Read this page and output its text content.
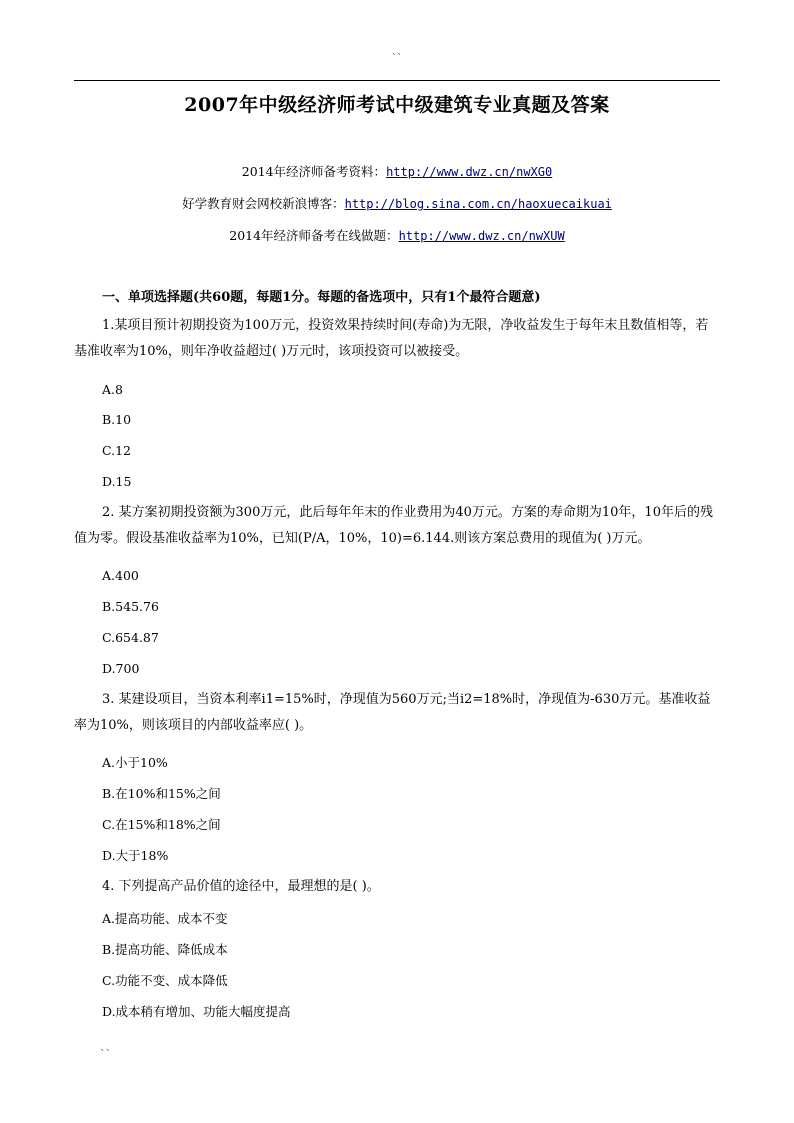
``
2007年中级经济师考试中级建筑专业真题及答案
2014年经济师备考资料：http://www.dwz.cn/nwXG0
好学教育财会网校新浪博客：http://blog.sina.com.cn/haoxuecaikuai
2014年经济师备考在线做题：http://www.dwz.cn/nwXUW
一、单项选择题(共60题，每题1分。每题的备选项中，只有1个最符合题意)
1.某项目预计初期投资为100万元，投资效果持续时间(寿命)为无限，净收益发生于每年末且数值相等，若基准收率为10%，则年净收益超过( )万元时，该项投资可以被接受。
A.8
B.10
C.12
D.15
2. 某方案初期投资额为300万元，此后每年年末的作业费用为40万元。方案的寿命期为10年，10年后的残值为零。假设基准收益率为10%，已知(P/A，10%，10)=6.144.则该方案总费用的现值为( )万元。
A.400
B.545.76
C.654.87
D.700
3. 某建设项目，当资本利率i1=15%时，净现值为560万元;当i2=18%时，净现值为-630万元。基准收益率为10%，则该项目的内部收益率应( )。
A.小于10%
B.在10%和15%之间
C.在15%和18%之间
D.大于18%
4. 下列提高产品价值的途径中，最理想的是( )。
A.提高功能、成本不变
B.提高功能、降低成本
C.功能不变、成本降低
D.成本稍有增加、功能大幅度提高
``
